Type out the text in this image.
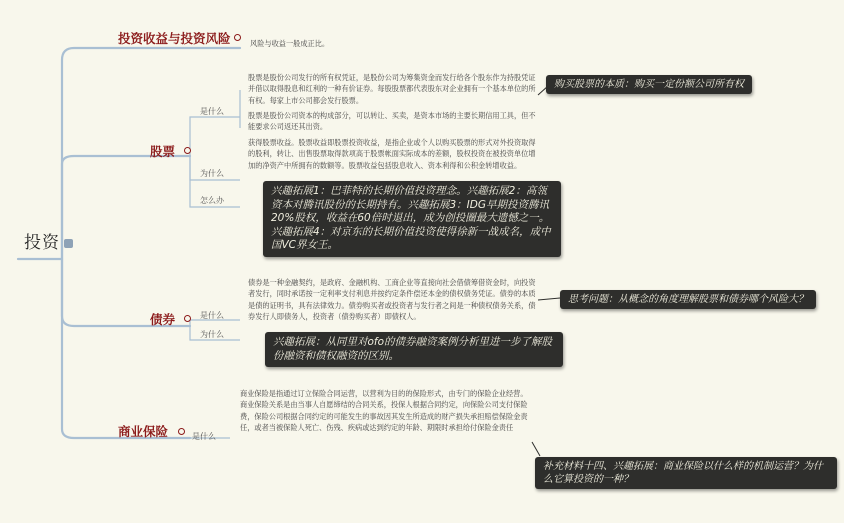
投资
投资收益与投资风险	风险与收益一般成正比。
股票
是什么
股票是股份公司发行的所有权凭证，是股份公司为筹集资金而发行给各个股东作为持股凭证并借以取得股息和红利的一种有价证券。每股股票都代表股东对企业拥有一个基本单位的所有权。每家上市公司都会发行股票。
股票是股份公司资本的构成部分，可以转让、买卖，是资本市场的主要长期信用工具，但不能要求公司返还其出资。
为什么
获得股票收益。股票收益即股票投资收益，是指企业或个人以购买股票的形式对外投资取得的股利，转让、出售股票取得款项高于股票帐面实际成本的差额，股权投资在被投资单位增加的净资产中所拥有的数额等。股票收益包括股息收入、资本利得和公积金转增收益。
怎么办
购买股票的本质：购买一定份额公司所有权
兴趣拓展1：巴菲特的长期价值投资理念。兴趣拓展2：高瓴资本对腾讯股份的长期持有。兴趣拓展3：IDG早期投资腾讯20%股权，收益在60倍时退出，成为创投圈最大遗憾之一。兴趣拓展4：对京东的长期价值投资使得徐新一战成名，成中国VC界女王。
债券	是什么
债券是一种金融契约，是政府、金融机构、工商企业等直接向社会借债筹借资金时，向投资者发行，同时承诺按一定利率支付利息并按约定条件偿还本金的债权债务凭证。债券的本质是债的证明书，具有法律效力。债券购买者或投资者与发行者之间是一种债权债务关系，债券发行人即债务人，投资者（债券购买者）即债权人。
为什么
思考问题：从概念的角度理解股票和债券哪个风险大？
兴趣拓展：从同里对ofo的债券融资案例分析里进一步了解股份融资和债权融资的区别。
商业保险	是什么
商业保险是指通过订立保险合同运营，以营利为目的的保险形式，由专门的保险企业经营。商业保险关系是由当事人自愿缔结的合同关系，投保人根据合同约定，向保险公司支付保险费，保险公司根据合同约定的可能发生的事故因其发生所造成的财产损失承担赔偿保险金责任，或者当被保险人死亡、伤残、疾病或达到约定的年龄、期限时承担给付保险金责任
补充材料十四、兴趣拓展：商业保险以什么样的机制运营？为什么它算投资的一种？
